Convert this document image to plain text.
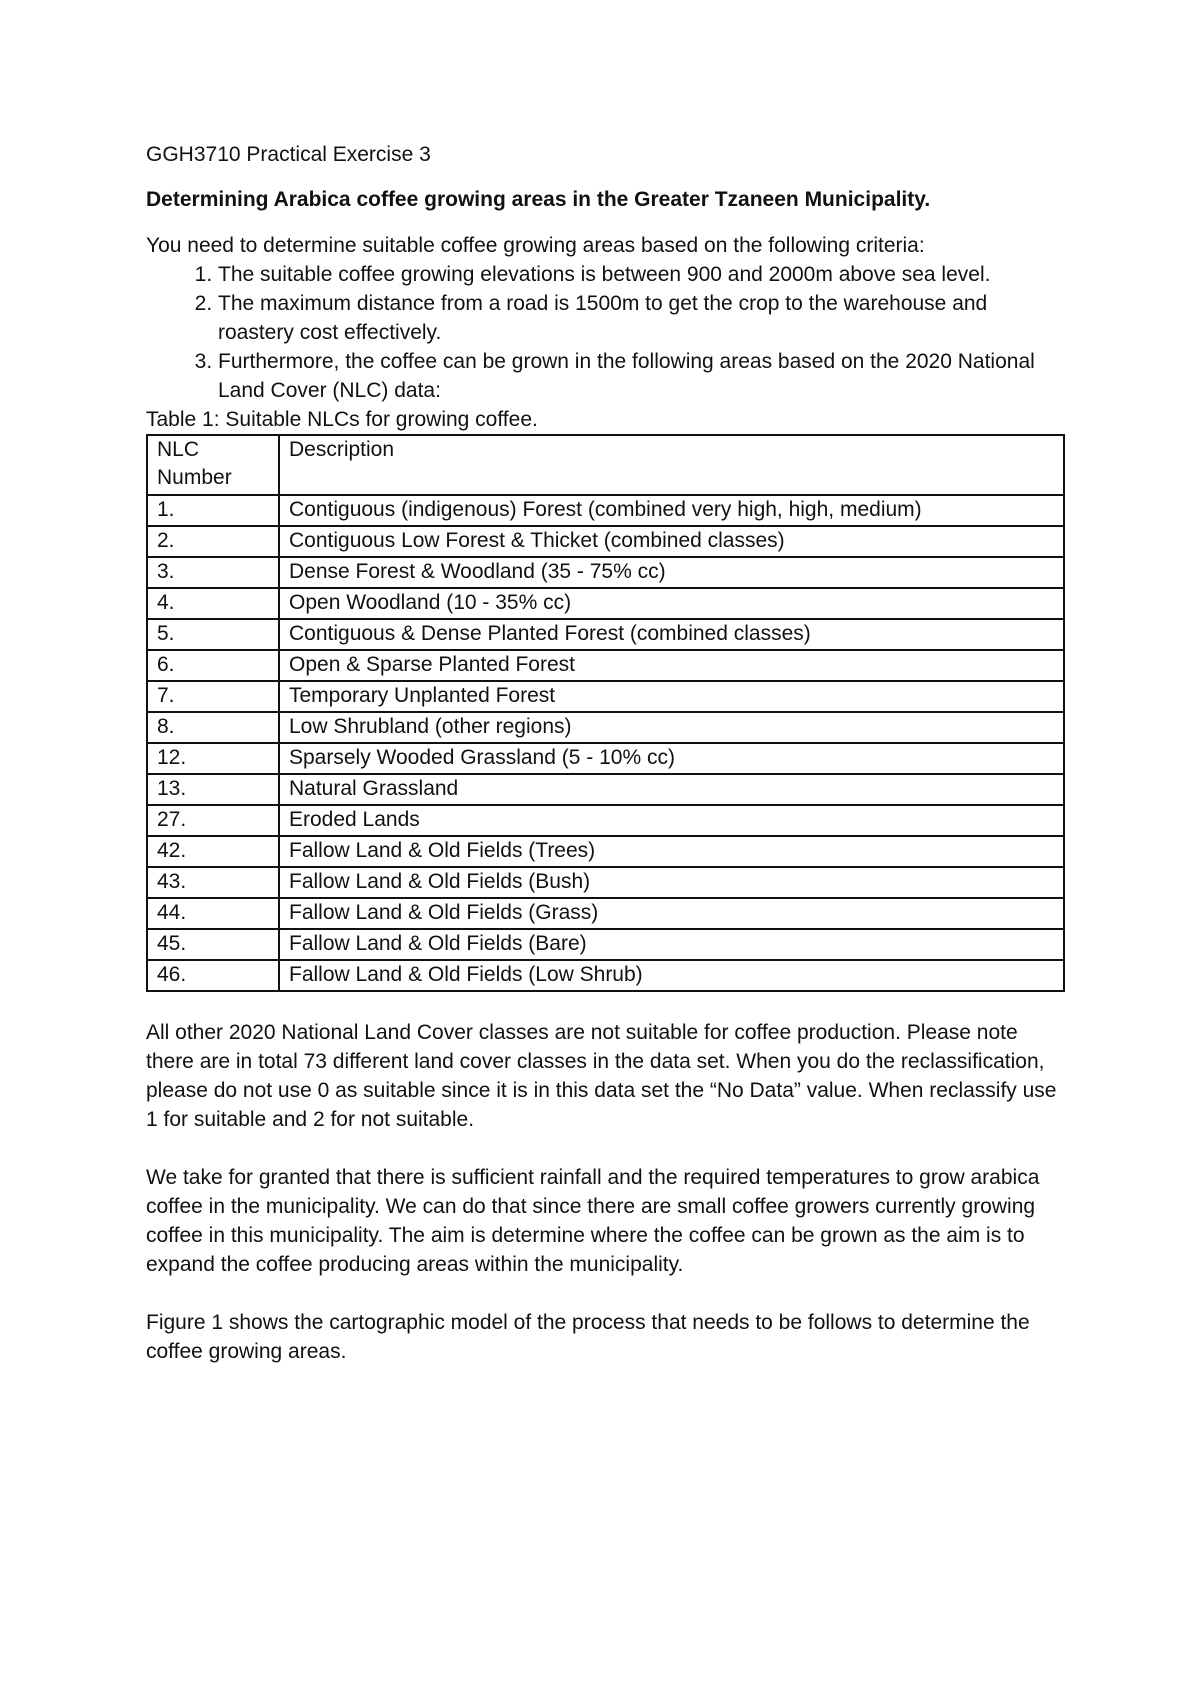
GGH3710 Practical Exercise 3

Determining Arabica coffee growing areas in the Greater Tzaneen Municipality.

You need to determine suitable coffee growing areas based on the following criteria:

1. The suitable coffee growing elevations is between 900 and 2000m above sea level.
2. The maximum distance from a road is 1500m to get the crop to the warehouse and roastery cost effectively.
3. Furthermore, the coffee can be grown in the following areas based on the 2020 National Land Cover (NLC) data:

Table 1: Suitable NLCs for growing coffee.

NLC Number	Description
1.	Contiguous (indigenous) Forest (combined very high, high, medium)
2.	Contiguous Low Forest & Thicket (combined classes)
3.	Dense Forest & Woodland (35 - 75% cc)
4.	Open Woodland (10 - 35% cc)
5.	Contiguous & Dense Planted Forest (combined classes)
6.	Open & Sparse Planted Forest
7.	Temporary Unplanted Forest
8.	Low Shrubland (other regions)
12.	Sparsely Wooded Grassland (5 - 10% cc)
13.	Natural Grassland
27.	Eroded Lands
42.	Fallow Land & Old Fields (Trees)
43.	Fallow Land & Old Fields (Bush)
44.	Fallow Land & Old Fields (Grass)
45.	Fallow Land & Old Fields (Bare)
46.	Fallow Land & Old Fields (Low Shrub)

All other 2020 National Land Cover classes are not suitable for coffee production. Please note there are in total 73 different land cover classes in the data set. When you do the reclassification, please do not use 0 as suitable since it is in this data set the “No Data” value. When reclassify use 1 for suitable and 2 for not suitable.

We take for granted that there is sufficient rainfall and the required temperatures to grow arabica coffee in the municipality. We can do that since there are small coffee growers currently growing coffee in this municipality. The aim is determine where the coffee can be grown as the aim is to expand the coffee producing areas within the municipality.

Figure 1 shows the cartographic model of the process that needs to be follows to determine the coffee growing areas.
